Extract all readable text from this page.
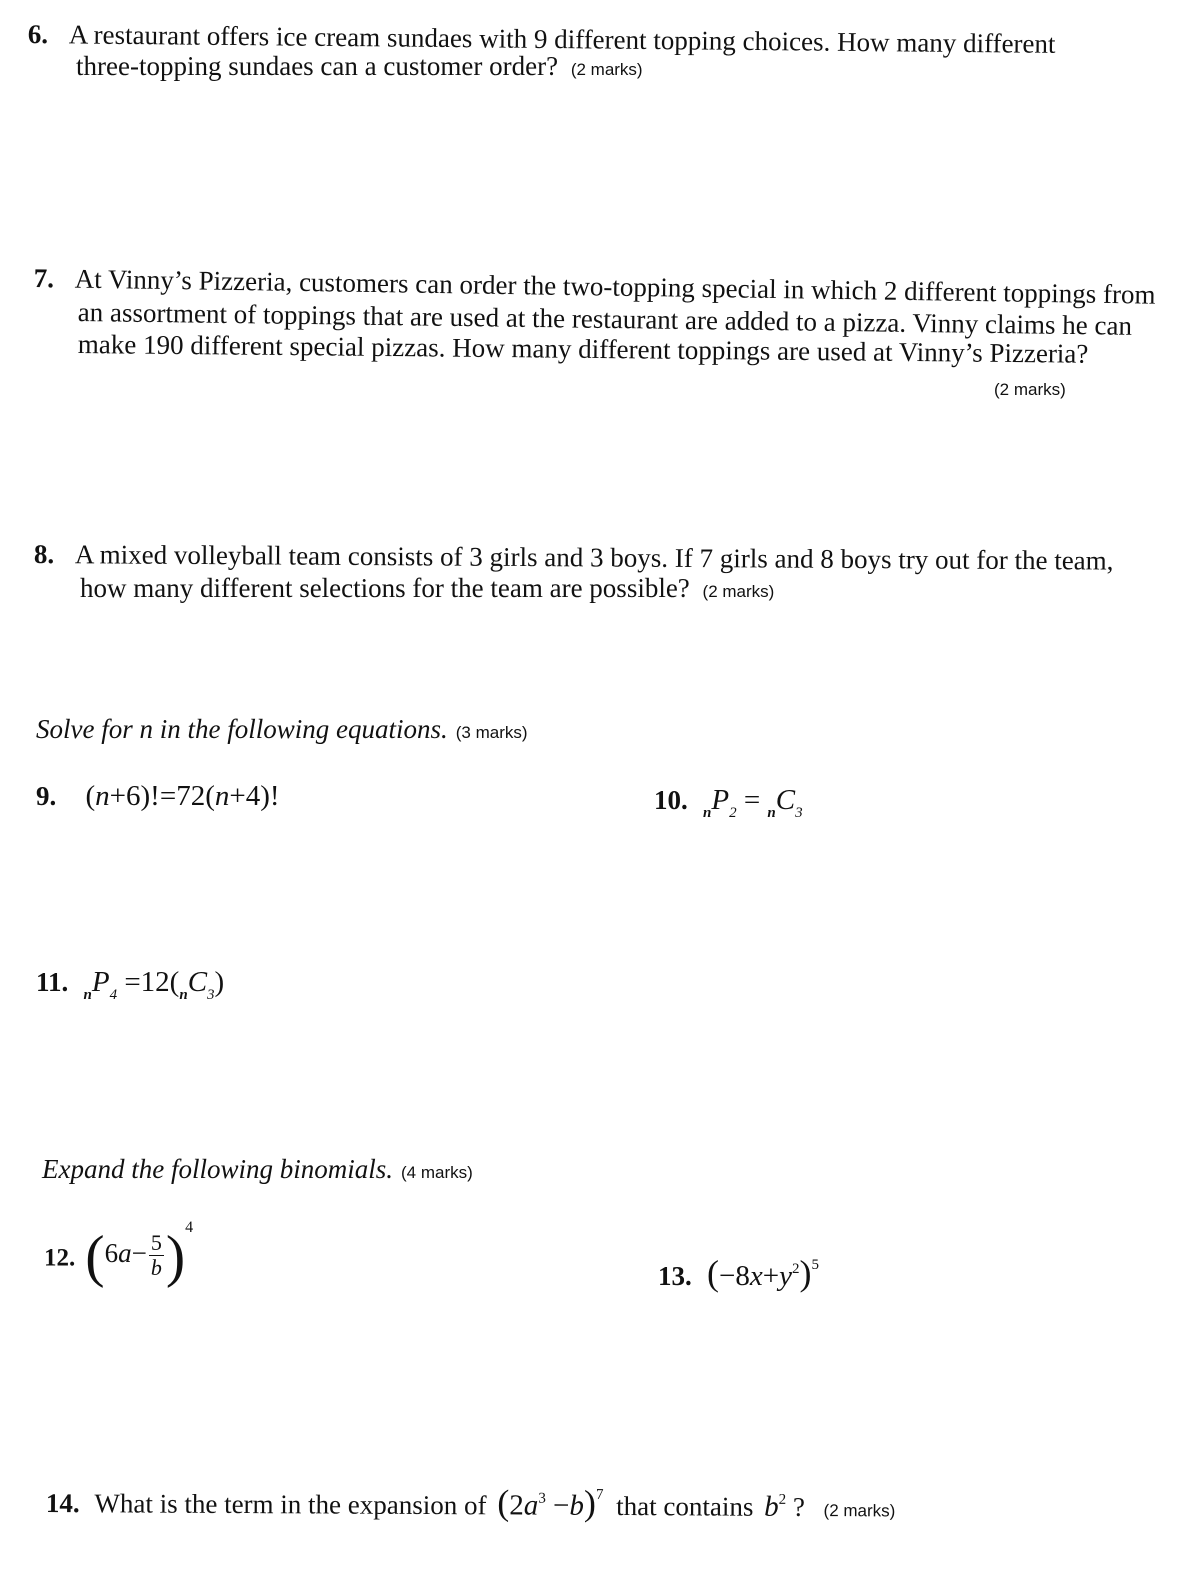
6. A restaurant offers ice cream sundaes with 9 different topping choices. How many different
three-topping sundaes can a customer order? (2 marks)
7. At Vinny’s Pizzeria, customers can order the two-topping special in which 2 different toppings from
an assortment of toppings that are used at the restaurant are added to a pizza. Vinny claims he can
make 190 different special pizzas. How many different toppings are used at Vinny’s Pizzeria?
(2 marks)
8. A mixed volleyball team consists of 3 girls and 3 boys. If 7 girls and 8 boys try out for the team,
how many different selections for the team are possible? (2 marks)
Solve for n in the following equations. (3 marks)
9. (n+6)!=72(n+4)!	10. $_nP_2 = _nC_3$
11. $_nP_4 =12(_nC_3)$
Expand the following binomials. (4 marks)
12. $(6a- \frac{5}{b} )^4$
13. $(-8x+y^2)^5$
14. What is the term in the expansion of $(2a^3 -b)^7$ that contains $b^2$ ? (2 marks)
